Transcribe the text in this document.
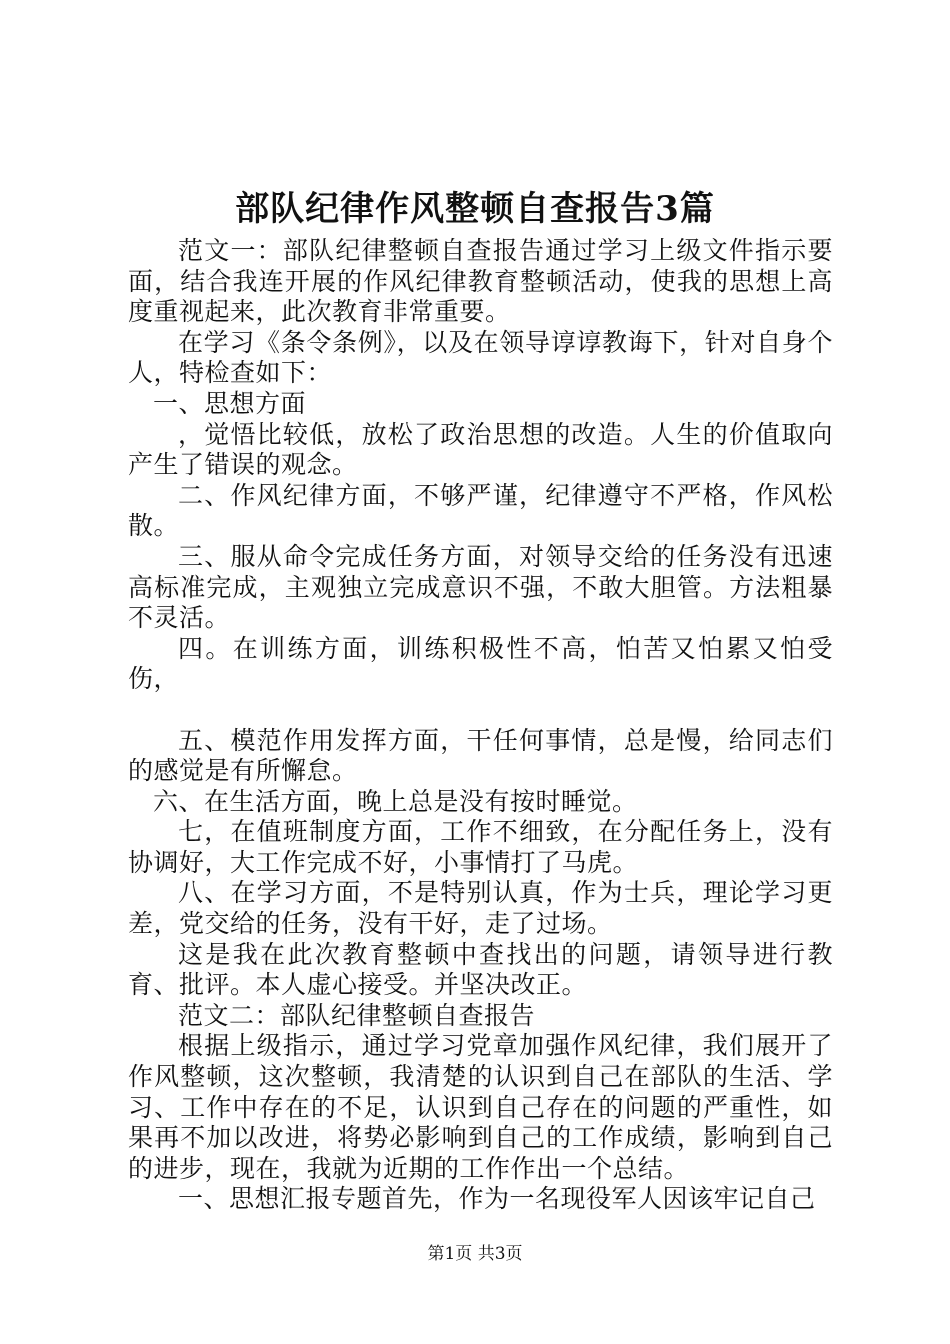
部队纪律作风整顿自查报告3篇

范文一：部队纪律整顿自查报告通过学习上级文件指示要面，结合我连开展的作风纪律教育整顿活动，使我的思想上高度重视起来，此次教育非常重要。

在学习《条令条例》，以及在领导谆谆教诲下，针对自身个人，特检查如下：

一、思想方面

，觉悟比较低，放松了政治思想的改造。人生的价值取向产生了错误的观念。

二、作风纪律方面，不够严谨，纪律遵守不严格，作风松散。

三、服从命令完成任务方面，对领导交给的任务没有迅速高标准完成，主观独立完成意识不强，不敢大胆管。方法粗暴不灵活。

四。在训练方面，训练积极性不高，怕苦又怕累又怕受伤，

五、模范作用发挥方面，干任何事情，总是慢，给同志们的感觉是有所懈怠。

六、在生活方面，晚上总是没有按时睡觉。

七，在值班制度方面，工作不细致，在分配任务上，没有协调好，大工作完成不好，小事情打了马虎。

八、在学习方面，不是特别认真，作为士兵，理论学习更差，党交给的任务，没有干好，走了过场。

这是我在此次教育整顿中查找出的问题，请领导进行教育、批评。本人虚心接受。并坚决改正。

范文二：部队纪律整顿自查报告

根据上级指示，通过学习党章加强作风纪律，我们展开了作风整顿，这次整顿，我清楚的认识到自己在部队的生活、学习、工作中存在的不足，认识到自己存在的问题的严重性，如果再不加以改进，将势必影响到自己的工作成绩，影响到自己的进步，现在，我就为近期的工作作出一个总结。

一、思想汇报专题首先，作为一名现役军人因该牢记自己

第1页 共3页
